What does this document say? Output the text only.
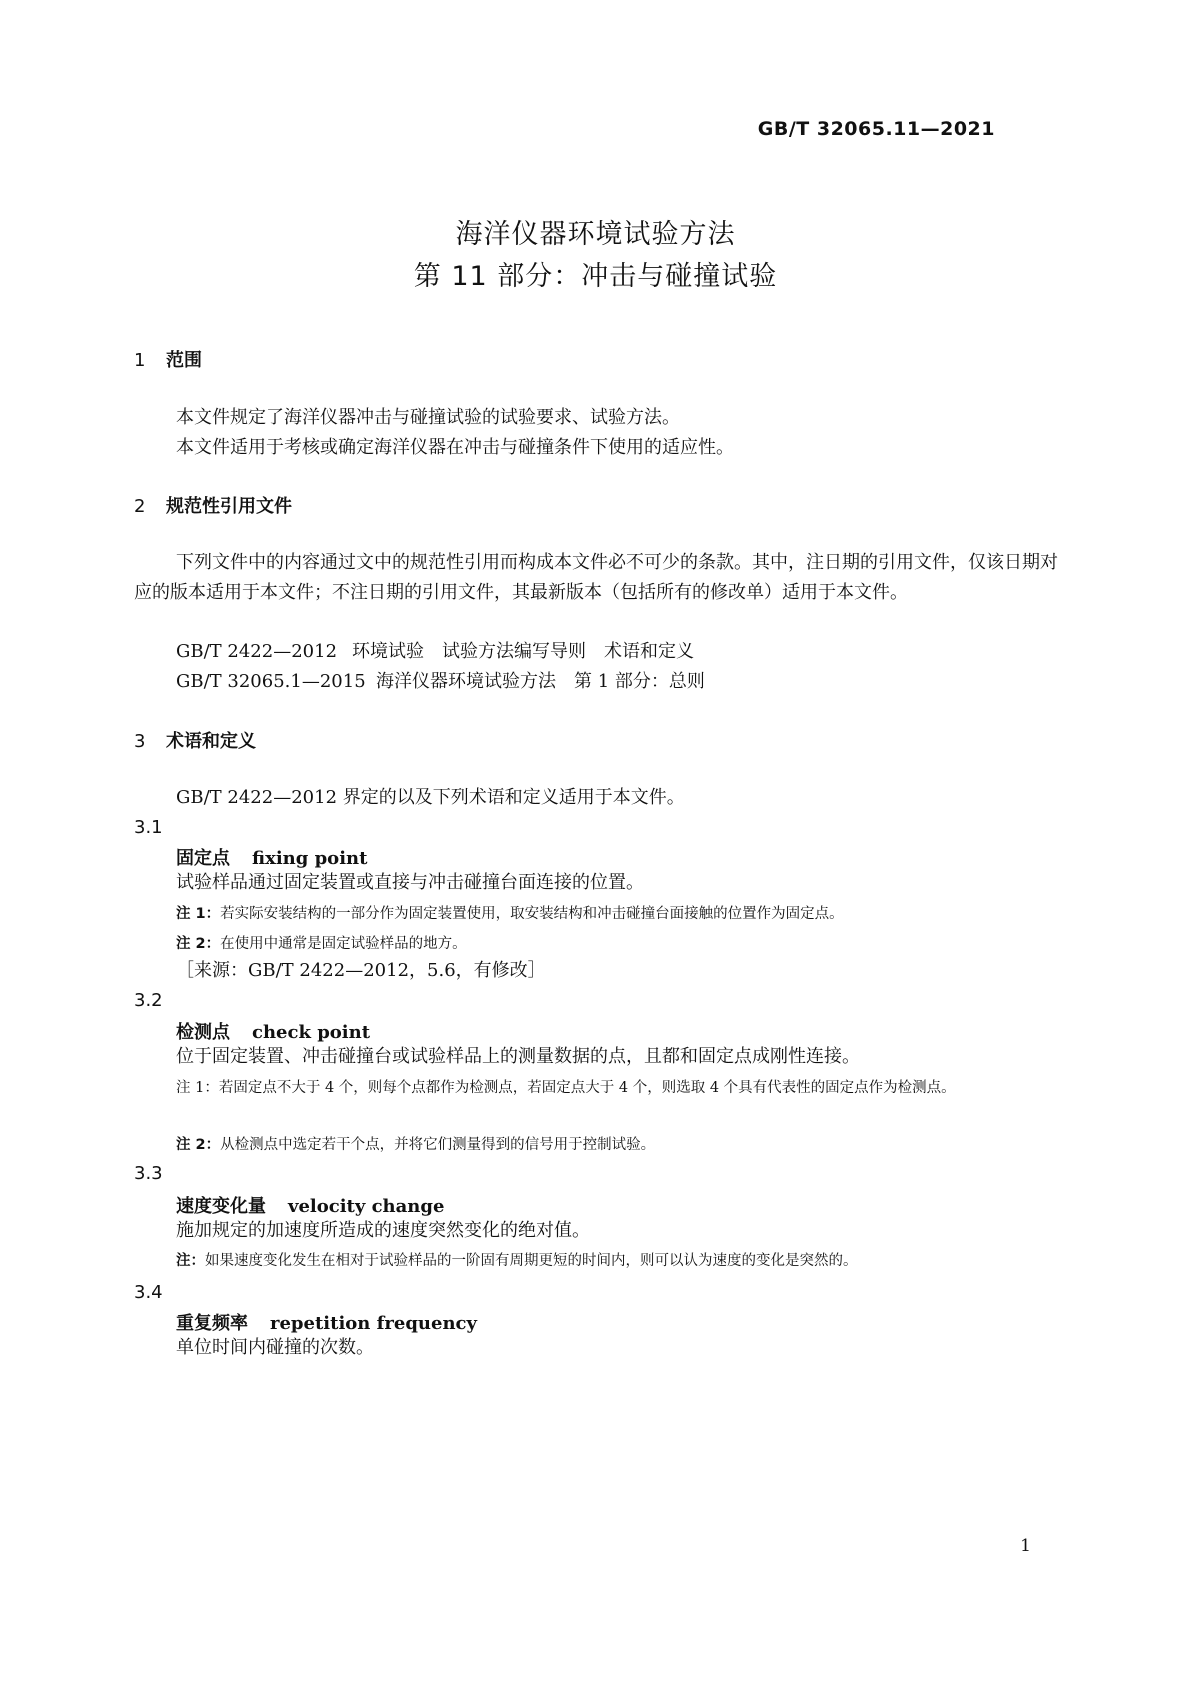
GB/T 32065.11—2021
海洋仪器环境试验方法
第 11 部分：冲击与碰撞试验
1 范围
本文件规定了海洋仪器冲击与碰撞试验的试验要求、试验方法。
本文件适用于考核或确定海洋仪器在冲击与碰撞条件下使用的适应性。
2 规范性引用文件
下列文件中的内容通过文中的规范性引用而构成本文件必不可少的条款。其中，注日期的引用文件，仅该日期对应的版本适用于本文件；不注日期的引用文件，其最新版本（包括所有的修改单）适用于本文件。
GB/T 2422—2012 环境试验　试验方法编写导则　术语和定义
GB/T 32065.1—2015 海洋仪器环境试验方法　第 1 部分：总则
3 术语和定义
GB/T 2422—2012 界定的以及下列术语和定义适用于本文件。
3.1
固定点 fixing point
试验样品通过固定装置或直接与冲击碰撞台面连接的位置。
注 1：若实际安装结构的一部分作为固定装置使用，取安装结构和冲击碰撞台面接触的位置作为固定点。
注 2：在使用中通常是固定试验样品的地方。
［来源：GB/T 2422—2012，5.6，有修改］
3.2
检测点 check point
位于固定装置、冲击碰撞台或试验样品上的测量数据的点，且都和固定点成刚性连接。
注 1：若固定点不大于 4 个，则每个点都作为检测点，若固定点大于 4 个，则选取 4 个具有代表性的固定点作为检测点。
注 2：从检测点中选定若干个点，并将它们测量得到的信号用于控制试验。
3.3
速度变化量 velocity change
施加规定的加速度所造成的速度突然变化的绝对值。
注：如果速度变化发生在相对于试验样品的一阶固有周期更短的时间内，则可以认为速度的变化是突然的。
3.4
重复频率 repetition frequency
单位时间内碰撞的次数。
1
